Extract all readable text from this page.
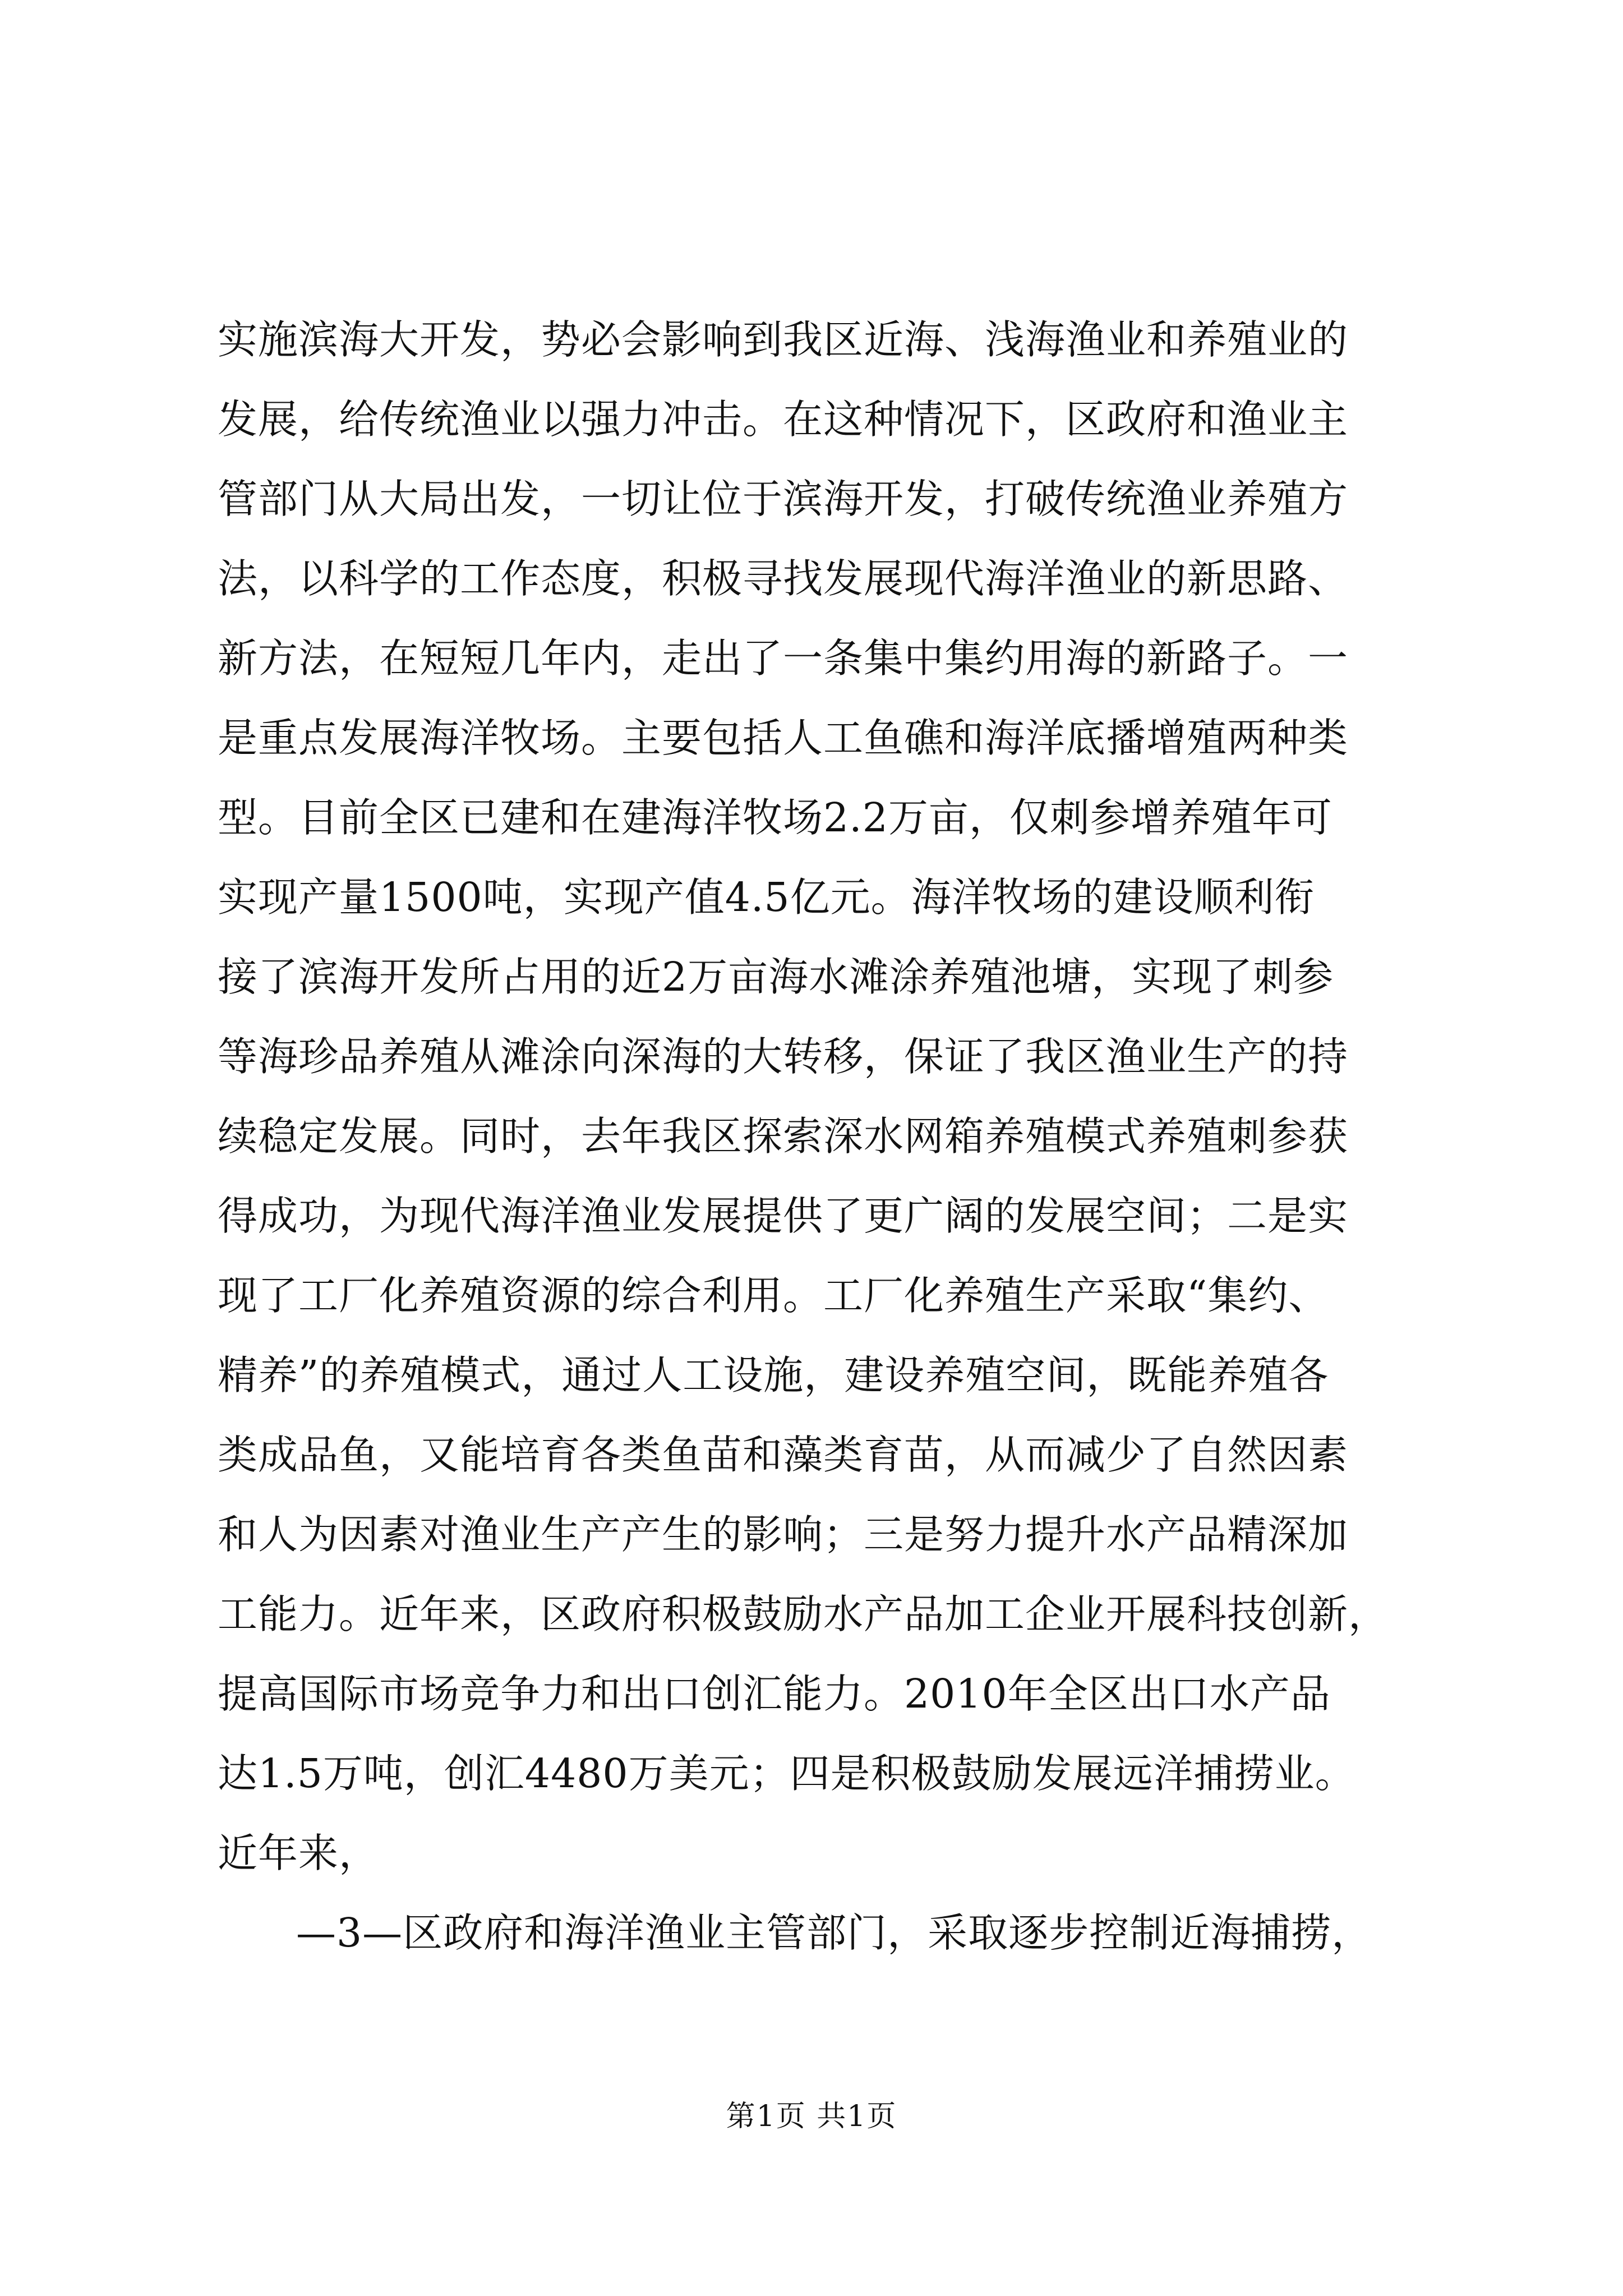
实施滨海大开发，势必会影响到我区近海、浅海渔业和养殖业的
发展，给传统渔业以强力冲击。在这种情况下，区政府和渔业主
管部门从大局出发，一切让位于滨海开发，打破传统渔业养殖方
法，以科学的工作态度，积极寻找发展现代海洋渔业的新思路、
新方法，在短短几年内，走出了一条集中集约用海的新路子。一
是重点发展海洋牧场。主要包括人工鱼礁和海洋底播增殖两种类
型。目前全区已建和在建海洋牧场2.2万亩，仅刺参增养殖年可
实现产量1500吨，实现产值4.5亿元。海洋牧场的建设顺利衔
接了滨海开发所占用的近2万亩海水滩涂养殖池塘，实现了刺参
等海珍品养殖从滩涂向深海的大转移，保证了我区渔业生产的持
续稳定发展。同时，去年我区探索深水网箱养殖模式养殖刺参获
得成功，为现代海洋渔业发展提供了更广阔的发展空间；二是实
现了工厂化养殖资源的综合利用。工厂化养殖生产采取“集约、
精养”的养殖模式，通过人工设施，建设养殖空间，既能养殖各
类成品鱼，又能培育各类鱼苗和藻类育苗，从而减少了自然因素
和人为因素对渔业生产产生的影响；三是努力提升水产品精深加
工能力。近年来，区政府积极鼓励水产品加工企业开展科技创新，
提高国际市场竞争力和出口创汇能力。2010年全区出口水产品
达1.5万吨，创汇4480万美元；四是积极鼓励发展远洋捕捞业。
近年来，
—3—区政府和海洋渔业主管部门，采取逐步控制近海捕捞，
第1页 共1页
